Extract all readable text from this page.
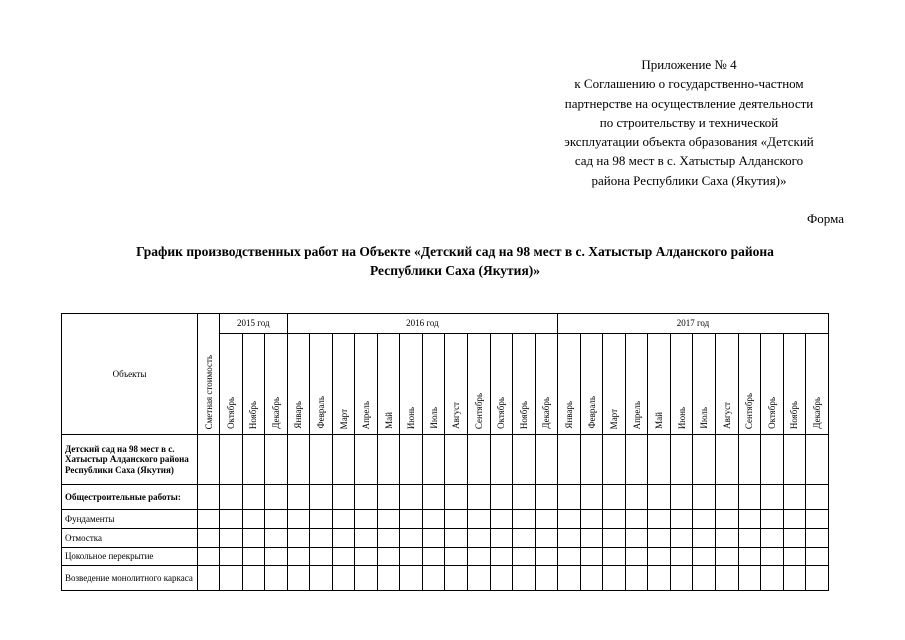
Приложение № 4
к Соглашению о государственно-частном
партнерстве на осуществление деятельности
по строительству и технической
эксплуатации объекта образования «Детский
сад на 98 мест в с. Хатыстыр Алданского
района Республики Саха (Якутия)»
Форма
График производственных работ на Объекте «Детский сад на 98 мест в с. Хатыстыр Алданского района
Республики Саха (Якутия)»
Объекты	Сметная стоимость	2015 год			2016 год												2017 год											
		Октябрь	Ноябрь	Декабрь	Январь	Февраль	Март	Апрель	Май	Июнь	Июль	Август	Сентябрь	Октябрь	Ноябрь	Декабрь	Январь	Февраль	Март	Апрель	Май	Июнь	Июль	Август	Сентябрь	Октябрь	Ноябрь	Декабрь
Детский сад на 98 мест в с. Хатыстыр Алданского района Республики Саха (Якутия)																												
Общестроительные работы:																												
Фундаменты																												
Отмостка																												
Цокольное перекрытие																												
Возведение монолитного каркаса																												
